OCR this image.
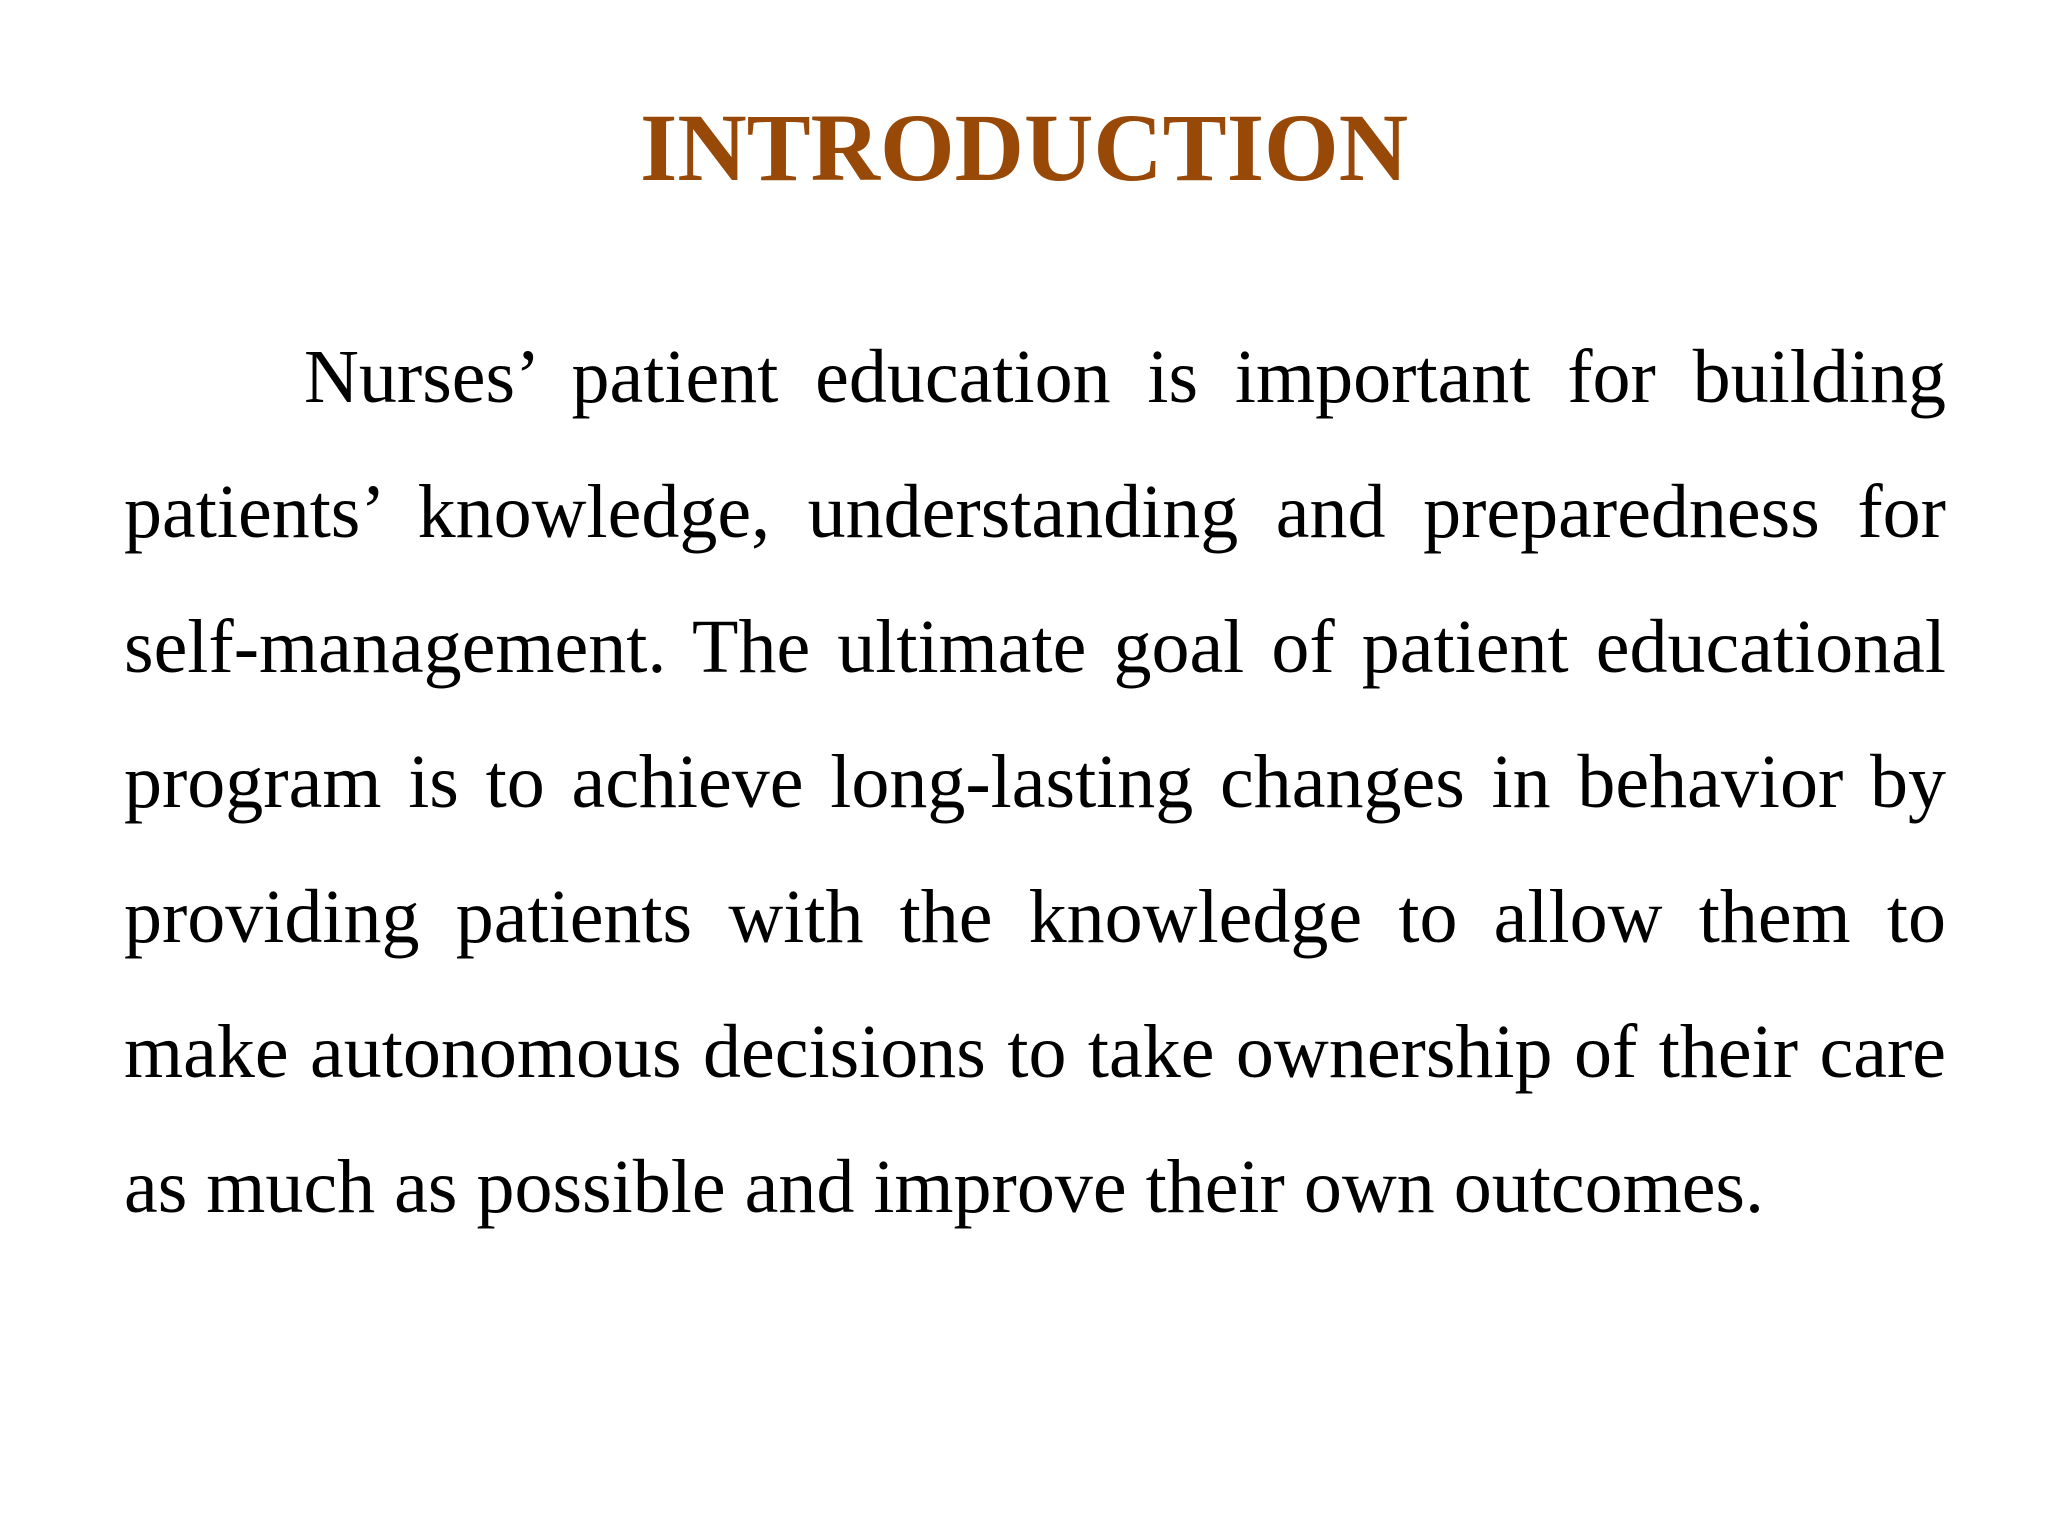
INTRODUCTION

Nurses’ patient education is important for building patients’ knowledge, understanding and preparedness for self-management. The ultimate goal of patient educational program is to achieve long-lasting changes in behavior by providing patients with the knowledge to allow them to make autonomous decisions to take ownership of their care as much as possible and improve their own outcomes.
